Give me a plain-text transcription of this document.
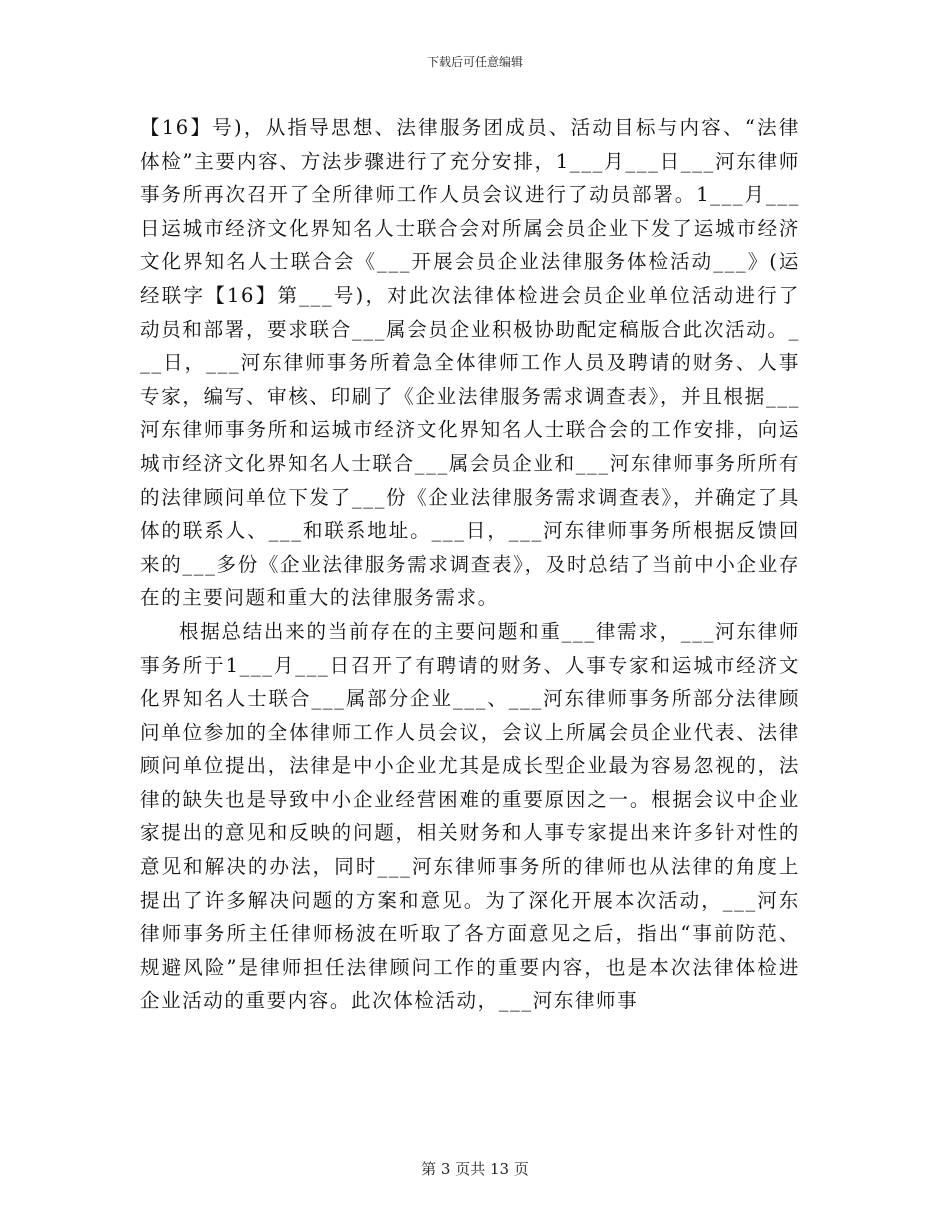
下载后可任意编辑

【16】号)，从指导思想、法律服务团成员、活动目标与内容、“法律体检”主要内容、方法步骤进行了充分安排，1___月___日___河东律师事务所再次召开了全所律师工作人员会议进行了动员部署。1___月___日运城市经济文化界知名人士联合会对所属会员企业下发了运城市经济文化界知名人士联合会《___开展会员企业法律服务体检活动___》(运经联字【16】第___号)，对此次法律体检进会员企业单位活动进行了动员和部署，要求联合___属会员企业积极协助配定稿版合此次活动。___日，___河东律师事务所着急全体律师工作人员及聘请的财务、人事专家，编写、审核、印刷了《企业法律服务需求调查表》，并且根据___河东律师事务所和运城市经济文化界知名人士联合会的工作安排，向运城市经济文化界知名人士联合___属会员企业和___河东律师事务所所有的法律顾问单位下发了___份《企业法律服务需求调查表》，并确定了具体的联系人、___和联系地址。___日，___河东律师事务所根据反馈回来的___多份《企业法律服务需求调查表》，及时总结了当前中小企业存在的主要问题和重大的法律服务需求。

根据总结出来的当前存在的主要问题和重___律需求，___河东律师事务所于1___月___日召开了有聘请的财务、人事专家和运城市经济文化界知名人士联合___属部分企业___、___河东律师事务所部分法律顾问单位参加的全体律师工作人员会议，会议上所属会员企业代表、法律顾问单位提出，法律是中小企业尤其是成长型企业最为容易忽视的，法律的缺失也是导致中小企业经营困难的重要原因之一。根据会议中企业家提出的意见和反映的问题，相关财务和人事专家提出来许多针对性的意见和解决的办法，同时___河东律师事务所的律师也从法律的角度上提出了许多解决问题的方案和意见。为了深化开展本次活动，___河东律师事务所主任律师杨波在听取了各方面意见之后，指出“事前防范、规避风险”是律师担任法律顾问工作的重要内容，也是本次法律体检进企业活动的重要内容。此次体检活动，___河东律师事

第 3 页共 13 页
